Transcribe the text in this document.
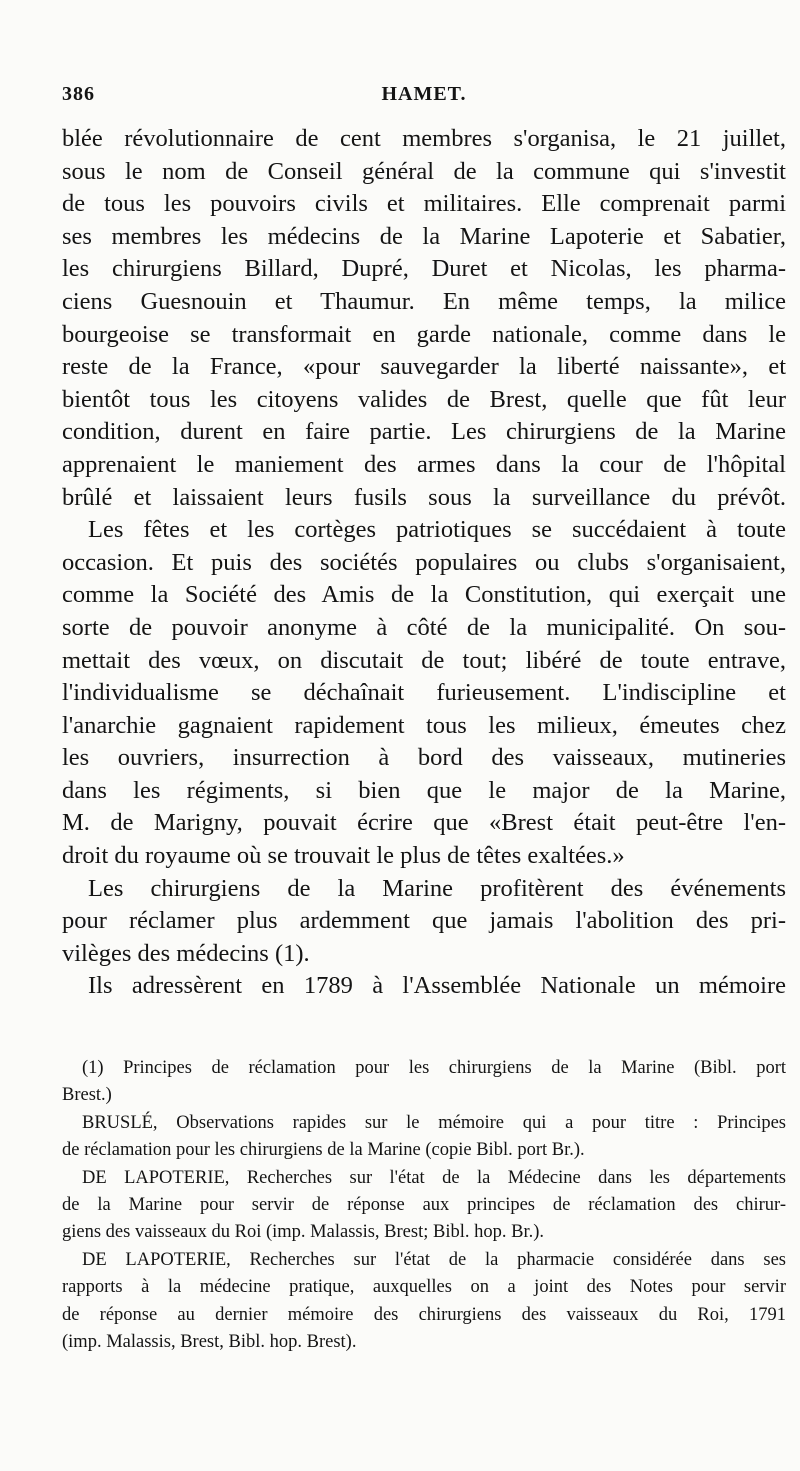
386	HAMET.
blée révolutionnaire de cent membres s'organisa, le 21 juillet,
sous le nom de Conseil général de la commune qui s'investit
de tous les pouvoirs civils et militaires. Elle comprenait parmi
ses membres les médecins de la Marine Lapoterie et Sabatier,
les chirurgiens Billard, Dupré, Duret et Nicolas, les pharma-
ciens Guesnouin et Thaumur. En même temps, la milice
bourgeoise se transformait en garde nationale, comme dans le
reste de la France, «pour sauvegarder la liberté naissante», et
bientôt tous les citoyens valides de Brest, quelle que fût leur
condition, durent en faire partie. Les chirurgiens de la Marine
apprenaient le maniement des armes dans la cour de l'hôpital
brûlé et laissaient leurs fusils sous la surveillance du prévôt.
Les fêtes et les cortèges patriotiques se succédaient à toute
occasion. Et puis des sociétés populaires ou clubs s'organisaient,
comme la Société des Amis de la Constitution, qui exerçait une
sorte de pouvoir anonyme à côté de la municipalité. On sou-
mettait des vœux, on discutait de tout; libéré de toute entrave,
l'individualisme se déchaînait furieusement. L'indiscipline et
l'anarchie gagnaient rapidement tous les milieux, émeutes chez
les ouvriers, insurrection à bord des vaisseaux, mutineries
dans les régiments, si bien que le major de la Marine,
M. de Marigny, pouvait écrire que «Brest était peut-être l'en-
droit du royaume où se trouvait le plus de têtes exaltées.»
Les chirurgiens de la Marine profitèrent des événements
pour réclamer plus ardemment que jamais l'abolition des pri-
vilèges des médecins (1).
Ils adressèrent en 1789 à l'Assemblée Nationale un mémoire
(1) Principes de réclamation pour les chirurgiens de la Marine (Bibl. port
Brest.)
BRUSLÉ, Observations rapides sur le mémoire qui a pour titre : Principes
de réclamation pour les chirurgiens de la Marine (copie Bibl. port Br.).
DE LAPOTERIE, Recherches sur l'état de la Médecine dans les départements
de la Marine pour servir de réponse aux principes de réclamation des chirur-
giens des vaisseaux du Roi (imp. Malassis, Brest; Bibl. hop. Br.).
DE LAPOTERIE, Recherches sur l'état de la pharmacie considérée dans ses
rapports à la médecine pratique, auxquelles on a joint des Notes pour servir
de réponse au dernier mémoire des chirurgiens des vaisseaux du Roi, 1791
(imp. Malassis, Brest, Bibl. hop. Brest).
